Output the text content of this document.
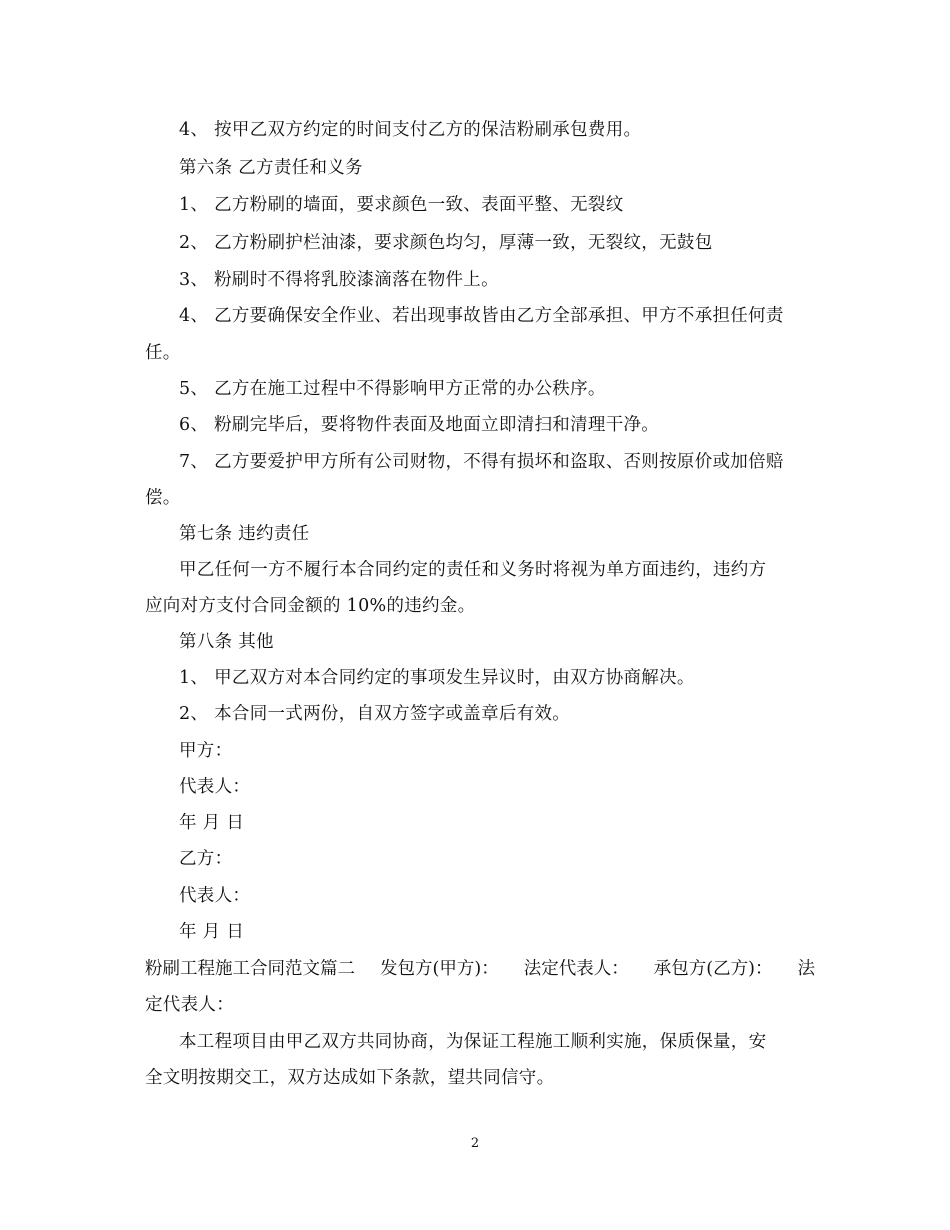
4、 按甲乙双方约定的时间支付乙方的保洁粉刷承包费用。
第六条 乙方责任和义务
1、 乙方粉刷的墙面，要求颜色一致、表面平整、无裂纹
2、 乙方粉刷护栏油漆，要求颜色均匀，厚薄一致，无裂纹，无鼓包
3、 粉刷时不得将乳胶漆滴落在物件上。
4、 乙方要确保安全作业、若出现事故皆由乙方全部承担、甲方不承担任何责
任。
5、 乙方在施工过程中不得影响甲方正常的办公秩序。
6、 粉刷完毕后，要将物件表面及地面立即清扫和清理干净。
7、 乙方要爱护甲方所有公司财物，不得有损坏和盗取、否则按原价或加倍赔
偿。
第七条 违约责任
甲乙任何一方不履行本合同约定的责任和义务时将视为单方面违约，违约方
应向对方支付合同金额的 10%的违约金。
第八条 其他
1、 甲乙双方对本合同约定的事项发生异议时，由双方协商解决。
2、 本合同一式两份，自双方签字或盖章后有效。
甲方：
代表人：
年 月 日
乙方：
代表人：
年 月 日
粉刷工程施工合同范文篇二 发包方(甲方)： 法定代表人： 承包方(乙方)： 法
定代表人：
本工程项目由甲乙双方共同协商，为保证工程施工顺利实施，保质保量，安
全文明按期交工，双方达成如下条款，望共同信守。
2
